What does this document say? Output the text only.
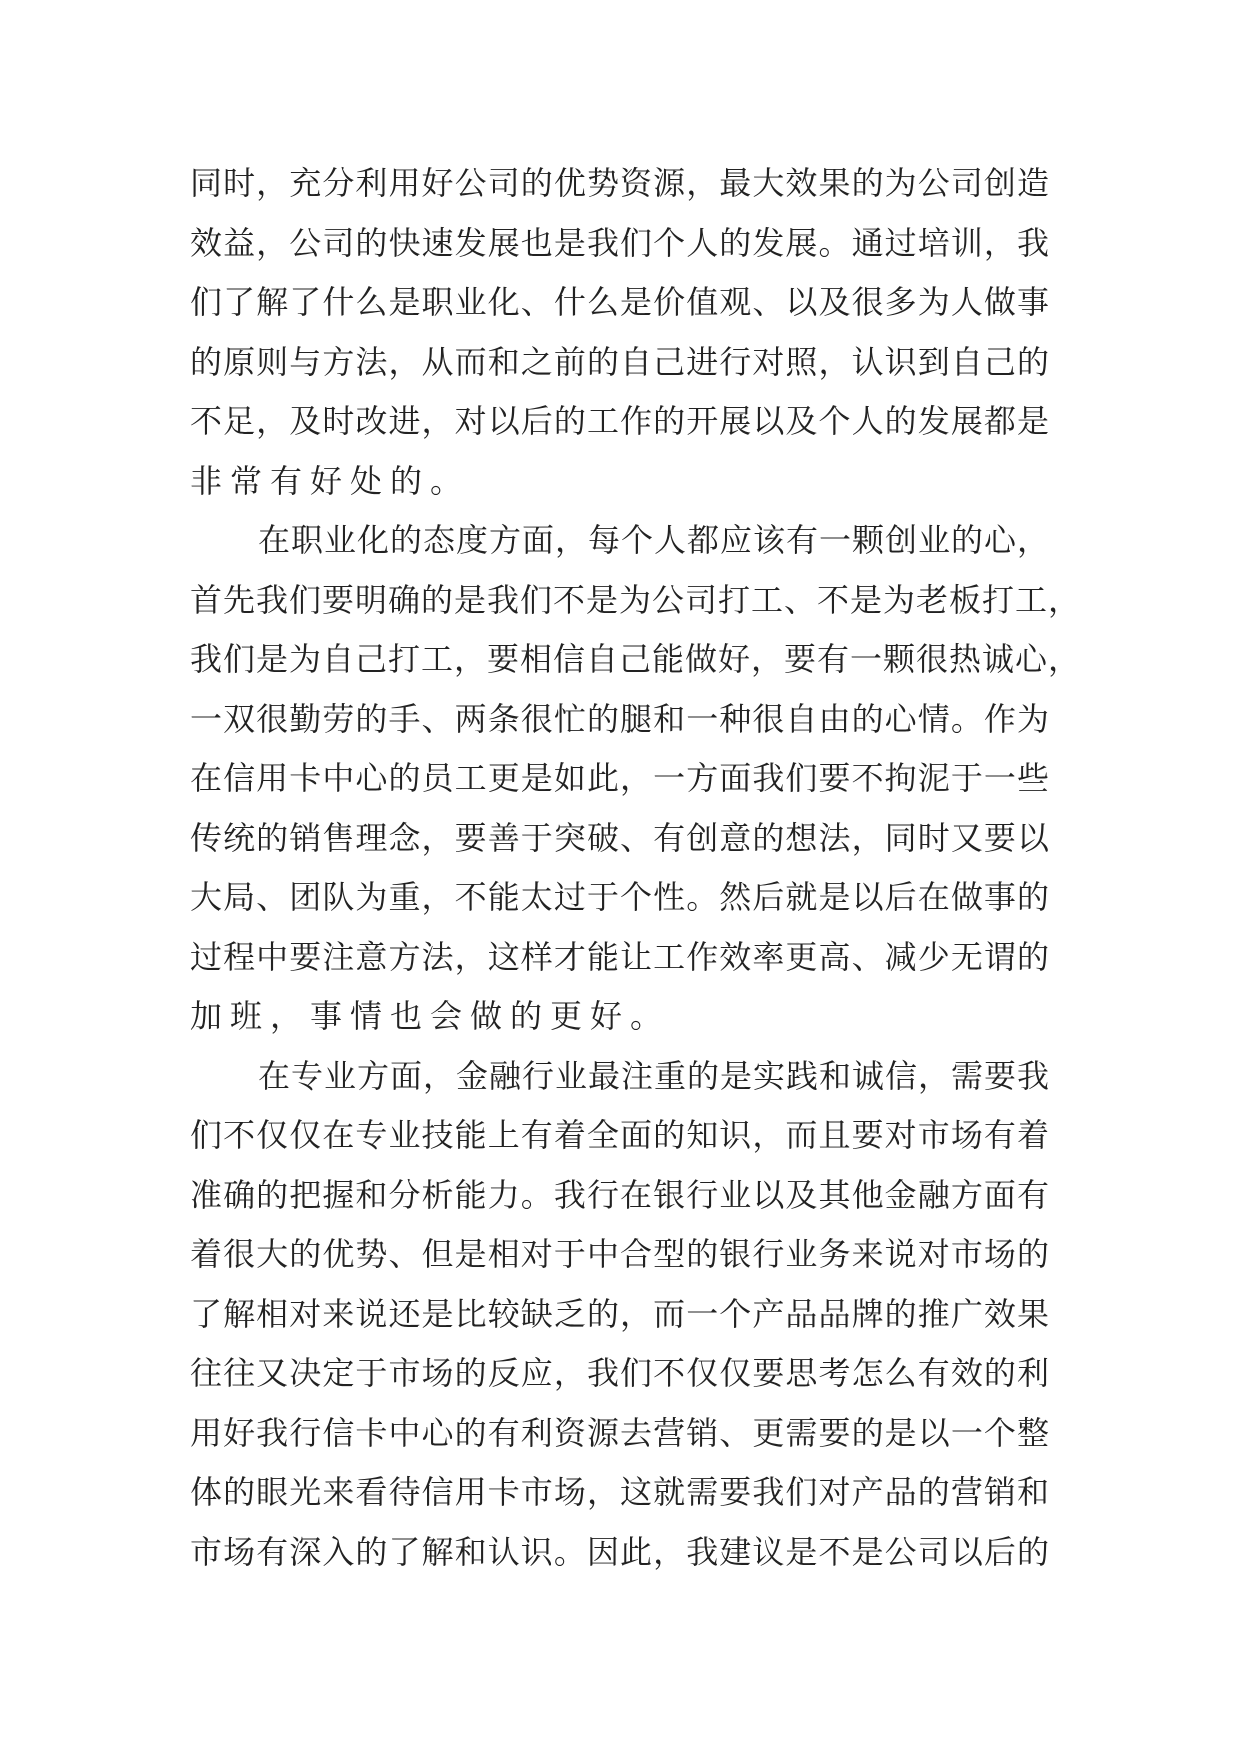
同时，充分利用好公司的优势资源，最大效果的为公司创造
效益，公司的快速发展也是我们个人的发展。通过培训，我
们了解了什么是职业化、什么是价值观、以及很多为人做事
的原则与方法，从而和之前的自己进行对照，认识到自己的
不足，及时改进，对以后的工作的开展以及个人的发展都是
非常有好处的。
在职业化的态度方面，每个人都应该有一颗创业的心，
首先我们要明确的是我们不是为公司打工、不是为老板打工，
我们是为自己打工，要相信自己能做好，要有一颗很热诚心，
一双很勤劳的手、两条很忙的腿和一种很自由的心情。作为
在信用卡中心的员工更是如此，一方面我们要不拘泥于一些
传统的销售理念，要善于突破、有创意的想法，同时又要以
大局、团队为重，不能太过于个性。然后就是以后在做事的
过程中要注意方法，这样才能让工作效率更高、减少无谓的
加班，事情也会做的更好。
在专业方面，金融行业最注重的是实践和诚信，需要我
们不仅仅在专业技能上有着全面的知识，而且要对市场有着
准确的把握和分析能力。我行在银行业以及其他金融方面有
着很大的优势、但是相对于中合型的银行业务来说对市场的
了解相对来说还是比较缺乏的，而一个产品品牌的推广效果
往往又决定于市场的反应，我们不仅仅要思考怎么有效的利
用好我行信卡中心的有利资源去营销、更需要的是以一个整
体的眼光来看待信用卡市场，这就需要我们对产品的营销和
市场有深入的了解和认识。因此，我建议是不是公司以后的
